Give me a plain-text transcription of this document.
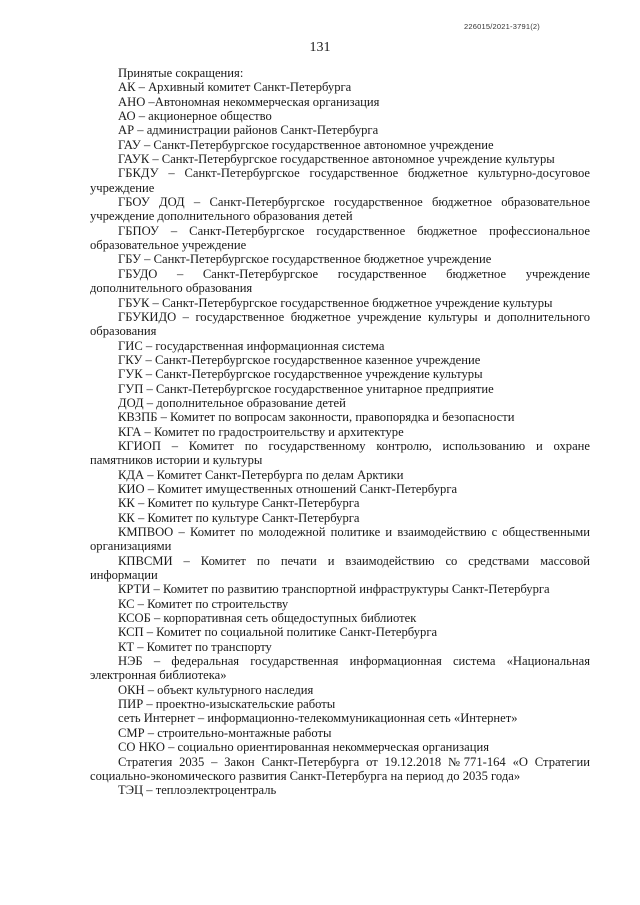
226015/2021-3791(2)
131
Принятые сокращения:
АК – Архивный комитет Санкт-Петербурга
АНО –Автономная некоммерческая организация
АО – акционерное общество
АР – администрации районов Санкт-Петербурга
ГАУ – Санкт-Петербургское государственное автономное учреждение
ГАУК – Санкт-Петербургское государственное автономное учреждение культуры
ГБКДУ – Санкт-Петербургское государственное бюджетное культурно-досуговое учреждение
ГБОУ ДОД – Санкт-Петербургское государственное бюджетное образовательное учреждение дополнительного образования детей
ГБПОУ – Санкт-Петербургское государственное бюджетное профессиональное образовательное учреждение
ГБУ – Санкт-Петербургское государственное бюджетное учреждение
ГБУДО – Санкт-Петербургское государственное бюджетное учреждение дополнительного образования
ГБУК – Санкт-Петербургское государственное бюджетное учреждение культуры
ГБУКИДО – государственное бюджетное учреждение культуры и дополнительного образования
ГИС – государственная информационная система
ГКУ – Санкт-Петербургское государственное казенное учреждение
ГУК – Санкт-Петербургское государственное учреждение культуры
ГУП – Санкт-Петербургское государственное унитарное предприятие
ДОД – дополнительное образование детей
КВЗПБ – Комитет по вопросам законности, правопорядка и безопасности
КГА – Комитет по градостроительству и архитектуре
КГИОП – Комитет по государственному контролю, использованию и охране памятников истории и культуры
КДА – Комитет Санкт-Петербурга по делам Арктики
КИО – Комитет имущественных отношений Санкт-Петербурга
КК – Комитет по культуре Санкт-Петербурга
КК – Комитет по культуре Санкт-Петербурга
КМПВОО – Комитет по молодежной политике и взаимодействию с общественными организациями
КПВСМИ – Комитет по печати и взаимодействию со средствами массовой информации
КРТИ – Комитет по развитию транспортной инфраструктуры Санкт-Петербурга
КС – Комитет по строительству
КСОБ – корпоративная сеть общедоступных библиотек
КСП – Комитет по социальной политике Санкт-Петербурга
КТ – Комитет по транспорту
НЭБ – федеральная государственная информационная система «Национальная электронная библиотека»
ОКН – объект культурного наследия
ПИР – проектно-изыскательские работы
сеть Интернет – информационно-телекоммуникационная сеть «Интернет»
СМР – строительно-монтажные работы
СО НКО – социально ориентированная некоммерческая организация
Стратегия 2035 – Закон Санкт-Петербурга от 19.12.2018 №771-164 «О Стратегии социально-экономического развития Санкт-Петербурга на период до 2035 года»
ТЭЦ – теплоэлектроцентраль
